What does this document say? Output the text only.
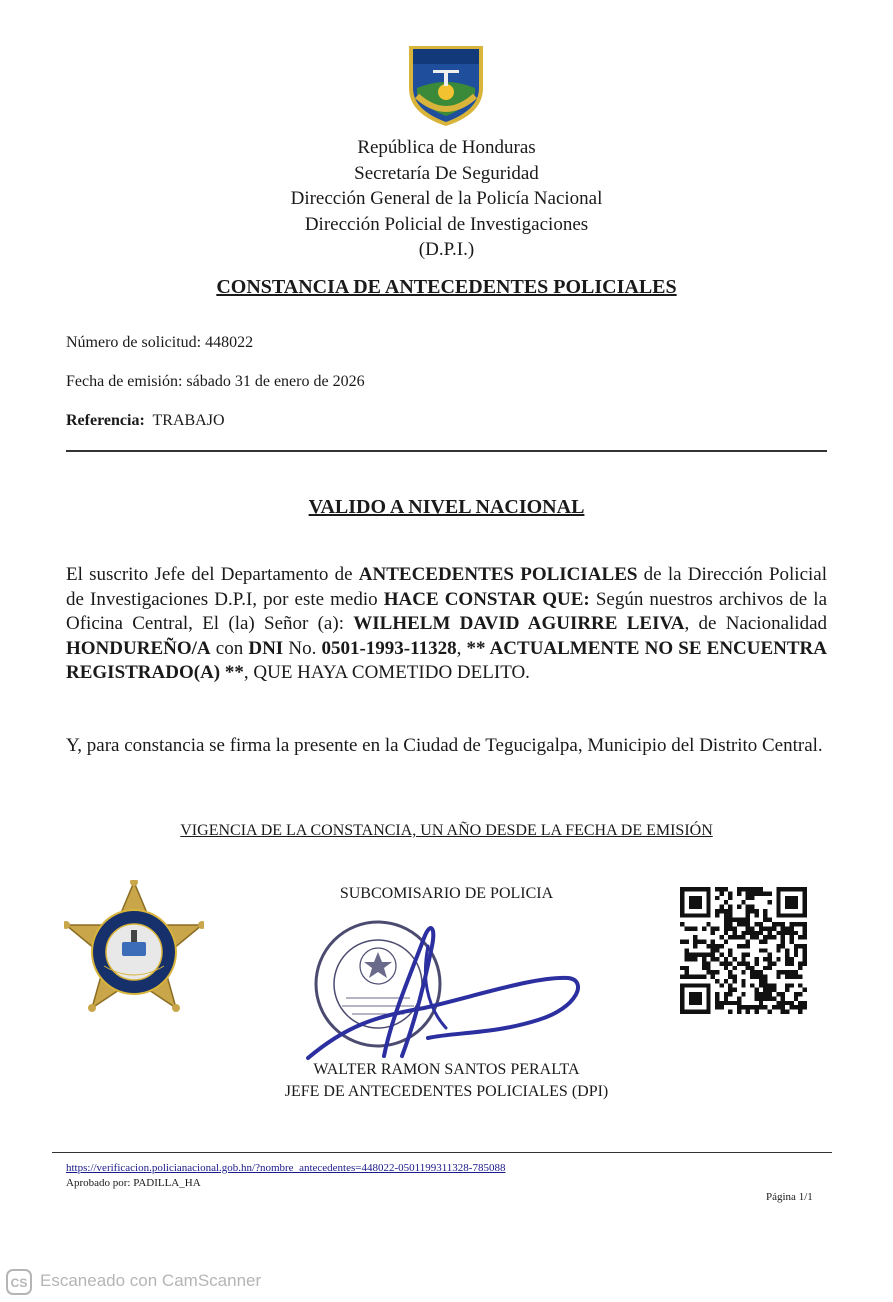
República de Honduras
Secretaría De Seguridad
Dirección General de la Policía Nacional
Dirección Policial de Investigaciones
(D.P.I.)
CONSTANCIA DE ANTECEDENTES POLICIALES
Número de solicitud: 448022
Fecha de emisión: sábado 31 de enero de 2026
Referencia: TRABAJO
VALIDO A NIVEL NACIONAL
El suscrito Jefe del Departamento de ANTECEDENTES POLICIALES de la Dirección Policial de Investigaciones D.P.I, por este medio HACE CONSTAR QUE: Según nuestros archivos de la Oficina Central, El (la) Señor (a): WILHELM DAVID AGUIRRE LEIVA, de Nacionalidad HONDUREÑO/A con DNI No. 0501-1993-11328, ** ACTUALMENTE NO SE ENCUENTRA REGISTRADO(A) **, QUE HAYA COMETIDO DELITO.
Y, para constancia se firma la presente en la Ciudad de Tegucigalpa, Municipio del Distrito Central.
VIGENCIA DE LA CONSTANCIA, UN AÑO DESDE LA FECHA DE EMISIÓN
SUBCOMISARIO DE POLICIA
WALTER RAMON SANTOS PERALTA
JEFE DE ANTECEDENTES POLICIALES (DPI)
https://verificacion.policianacional.gob.hn/?nombre_antecedentes=448022-0501199311328-785088
Aprobado por: PADILLA_HA
Página 1/1
CS Escaneado con CamScanner
